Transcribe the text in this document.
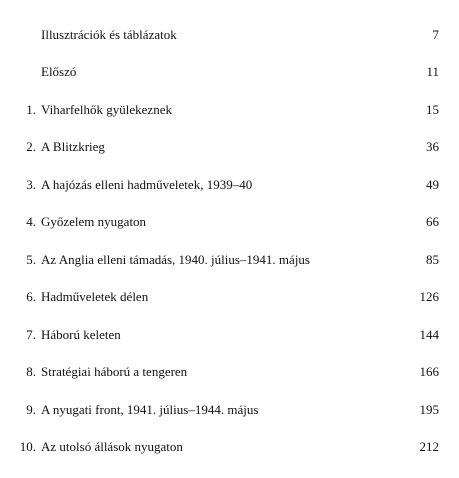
Illusztrációk és táblázatok	7
Előszó	11
1. Viharfelhők gyülekeznek	15
2. A Blitzkrieg	36
3. A hajózás elleni hadműveletek, 1939–40	49
4. Győzelem nyugaton	66
5. Az Anglia elleni támadás, 1940. július–1941. május	85
6. Hadműveletek délen	126
7. Háború keleten	144
8. Stratégiai háború a tengeren	166
9. A nyugati front, 1941. július–1944. május	195
10. Az utolsó állások nyugaton	212
